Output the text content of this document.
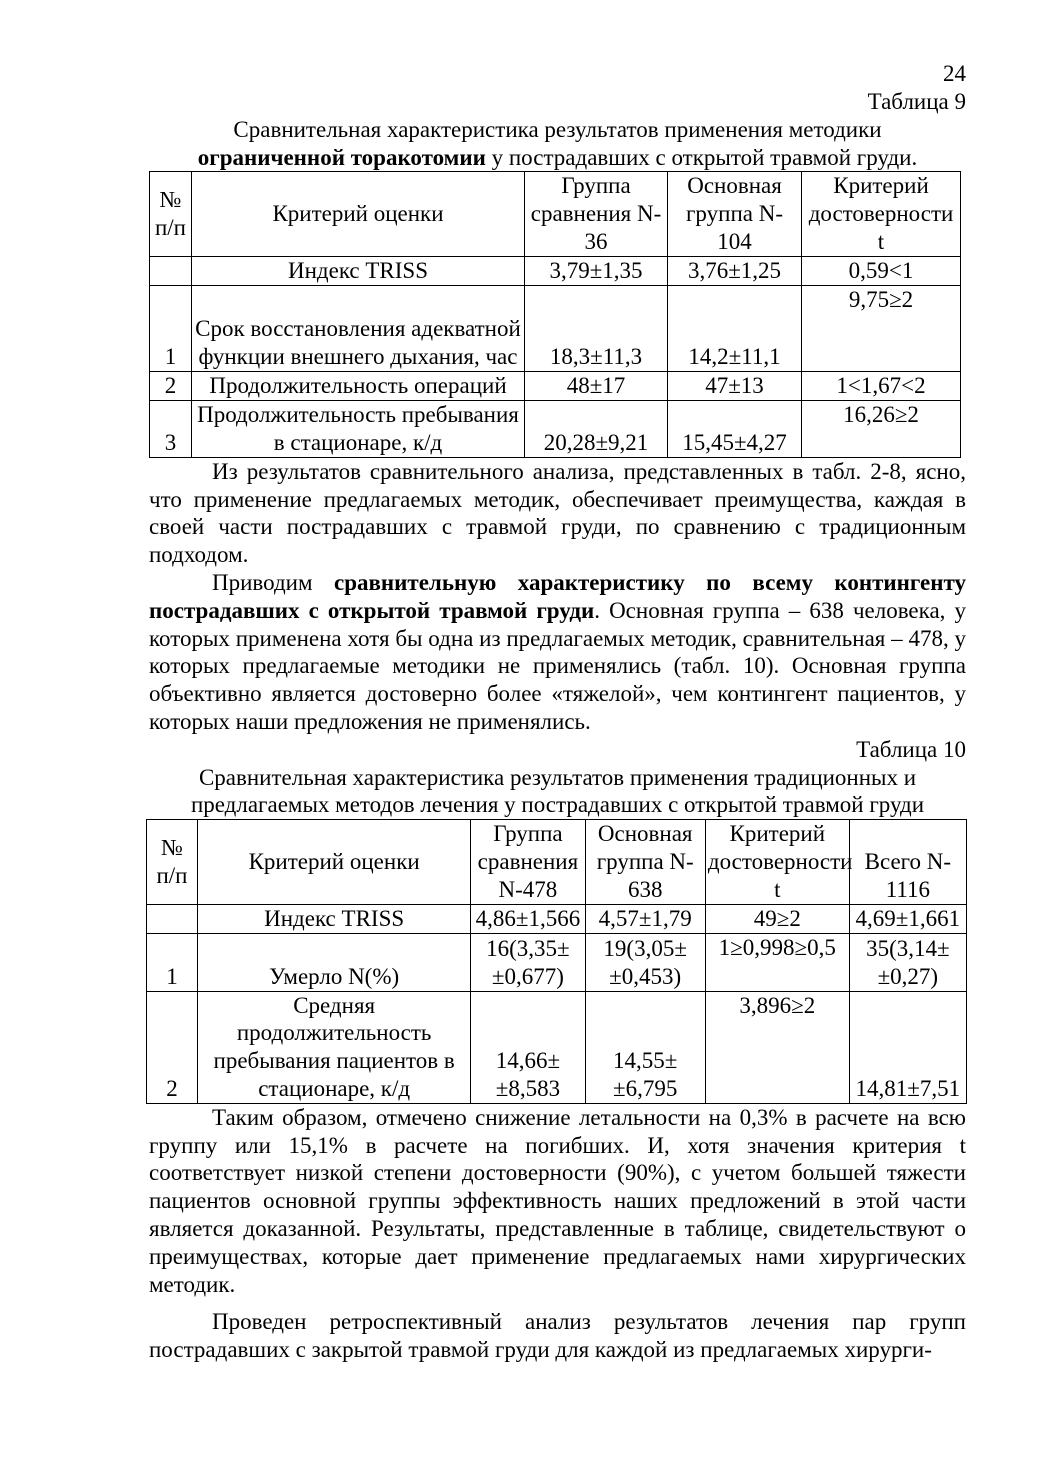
24
Таблица 9
Сравнительная характеристика результатов применения методики
ограниченной торакотомии у пострадавших с открытой травмой груди.
№ п/п	Критерий оценки	Группа сравнения N-36	Основная группа N-104	Критерий достоверности t
	Индекс TRISS	3,79±1,35	3,76±1,25	0,59<1
1	Срок восстановления адекватной функции внешнего дыхания, час	18,3±11,3	14,2±11,1	9,75≥2
2	Продолжительность операций	48±17	47±13	1<1,67<2
3	Продолжительность пребывания в стационаре, к/д	20,28±9,21	15,45±4,27	16,26≥2

Из результатов сравнительного анализа, представленных в табл. 2-8, ясно, что применение предлагаемых методик, обеспечивает преимущества, каждая в своей части пострадавших с травмой груди, по сравнению с традиционным подходом.

Приводим сравнительную характеристику по всему контингенту пострадавших с открытой травмой груди. Основная группа – 638 человека, у которых применена хотя бы одна из предлагаемых методик, сравнительная – 478, у которых предлагаемые методики не применялись (табл. 10). Основная группа объективно является достоверно более «тяжелой», чем контингент пациентов, у которых наши предложения не применялись.

Таблица 10
Сравнительная характеристика результатов применения традиционных и
предлагаемых методов лечения у пострадавших с открытой травмой груди
№ п/п	Критерий оценки	Группа сравнения N-478	Основная группа N-638	Критерий достоверности t	Всего N-1116
	Индекс TRISS	4,86±1,566	4,57±1,79	49≥2	4,69±1,661
1	Умерло N(%)	16(3,35± ±0,677)	19(3,05± ±0,453)	1≥0,998≥0,5	35(3,14± ±0,27)
2	Средняя продолжительность пребывания пациентов в стационаре, к/д	14,66± ±8,583	14,55± ±6,795	3,896≥2	14,81±7,51

Таким образом, отмечено снижение летальности на 0,3% в расчете на всю группу или 15,1% в расчете на погибших. И, хотя значения критерия t соответствует низкой степени достоверности (90%), с учетом большей тяжести пациентов основной группы эффективность наших предложений в этой части является доказанной. Результаты, представленные в таблице, свидетельствуют о преимуществах, которые дает применение предлагаемых нами хирургических методик.

Проведен ретроспективный анализ результатов лечения пар групп пострадавших с закрытой травмой груди для каждой из предлагаемых хирурги-
